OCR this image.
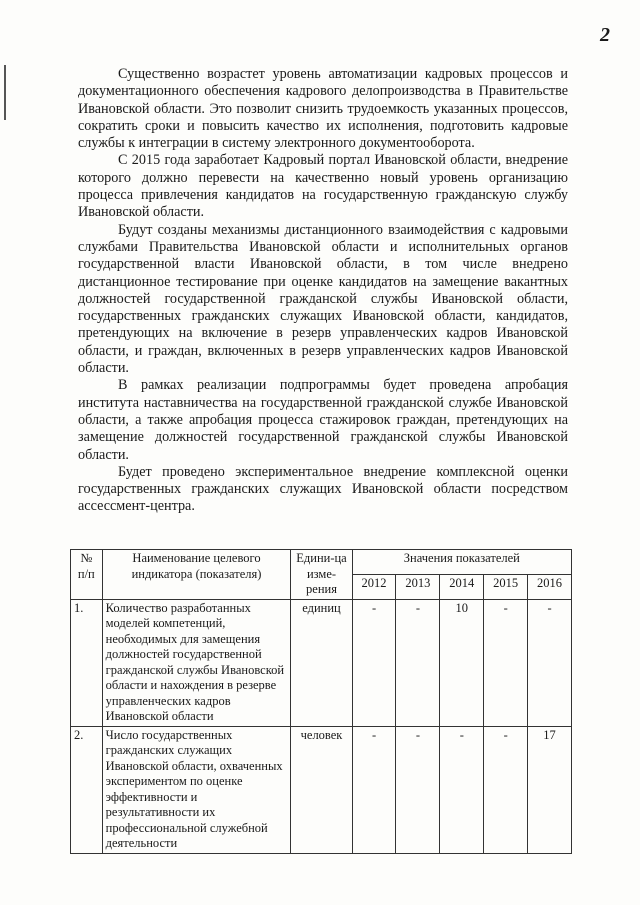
2

Существенно возрастет уровень автоматизации кадровых процессов и документационного обеспечения кадрового делопроизводства в Правительстве Ивановской области. Это позволит снизить трудоемкость указанных процессов, сократить сроки и повысить качество их исполнения, подготовить кадровые службы к интеграции в систему электронного документооборота.

С 2015 года заработает Кадровый портал Ивановской области, внедрение которого должно перевести на качественно новый уровень организацию процесса привлечения кандидатов на государственную гражданскую службу Ивановской области.

Будут созданы механизмы дистанционного взаимодействия с кадровыми службами Правительства Ивановской области и исполнительных органов государственной власти Ивановской области, в том числе внедрено дистанционное тестирование при оценке кандидатов на замещение вакантных должностей государственной гражданской службы Ивановской области, государственных гражданских служащих Ивановской области, кандидатов, претендующих на включение в резерв управленческих кадров Ивановской области, и граждан, включенных в резерв управленческих кадров Ивановской области.

В рамках реализации подпрограммы будет проведена апробация института наставничества на государственной гражданской службе Ивановской области, а также апробация процесса стажировок граждан, претендующих на замещение должностей государственной гражданской службы Ивановской области.

Будет проведено экспериментальное внедрение комплексной оценки государственных гражданских служащих Ивановской области посредством ассессмент-центра.

№ п/п	Наименование целевого индикатора (показателя)	Едини-ца изме-рения	Значения показателей				
			2012	2013	2014	2015	2016
1.	Количество разработанных моделей компетенций, необходимых для замещения должностей государственной гражданской службы Ивановской области и нахождения в резерве управленческих кадров Ивановской области	единиц	-	-	10	-	-
2.	Число государственных гражданских служащих Ивановской области, охваченных экспериментом по оценке эффективности и результативности их профессиональной служебной деятельности	человек	-	-	-	-	17
